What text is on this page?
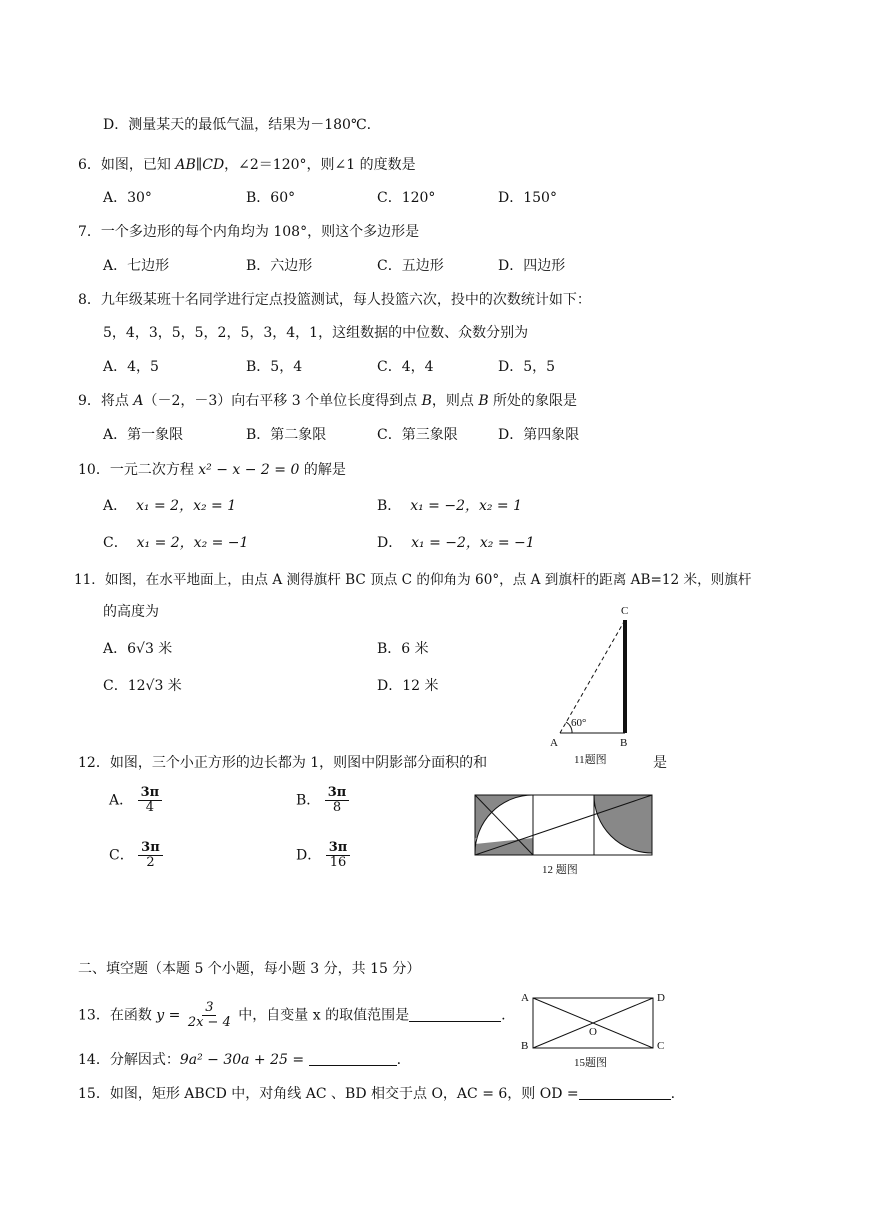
D．测量某天的最低气温，结果为－180℃.
6．如图，已知 AB∥CD，∠2＝120°，则∠1 的度数是
A．30°	B．60°	C．120°	D．150°
7．一个多边形的每个内角均为 108°，则这个多边形是
A．七边形	B．六边形	C．五边形	D．四边形
8．九年级某班十名同学进行定点投篮测试，每人投篮六次，投中的次数统计如下：
5，4，3，5，5，2，5，3，4，1，这组数据的中位数、众数分别为
A．4，5	B．5，4	C．4，4	D．5，5
9．将点 A（－2，－3）向右平移 3 个单位长度得到点 B，则点 B 所处的象限是
A．第一象限	B．第二象限	C．第三象限	D．第四象限
10．一元二次方程 x² − x − 2 = 0 的解是
A． x₁ = 2，x₂ = 1	B． x₁ = −2，x₂ = 1
C． x₁ = 2，x₂ = −1	D． x₁ = −2，x₂ = −1
11．如图，在水平地面上，由点 A 测得旗杆 BC 顶点 C 的仰角为 60°，点 A 到旗杆的距离 AB=12 米，则旗杆
的高度为
A．6√3 米	B．6 米
C．12√3 米	D．12 米
C
A	B
60°
11题图
12．如图，三个小正方形的边长都为 1，则图中阴影部分面积的和	是
A． $\frac{3\pi}{4}$	B． $\frac{3\pi}{8}$
C． $\frac{3\pi}{2}$	D． $\frac{3\pi}{16}$	12 题图
二、填空题（本题 5 个小题，每小题 3 分，共 15 分）
13．在函数 $y = \frac{3}{2x - 4}$ 中，自变量 x 的取值范围是	.
A	D
B	C
O
15题图
14．分解因式：9a² − 30a + 25 =	.
15．如图，矩形 ABCD 中，对角线 AC 、BD 相交于点 O，AC = 6，则 OD =	.
